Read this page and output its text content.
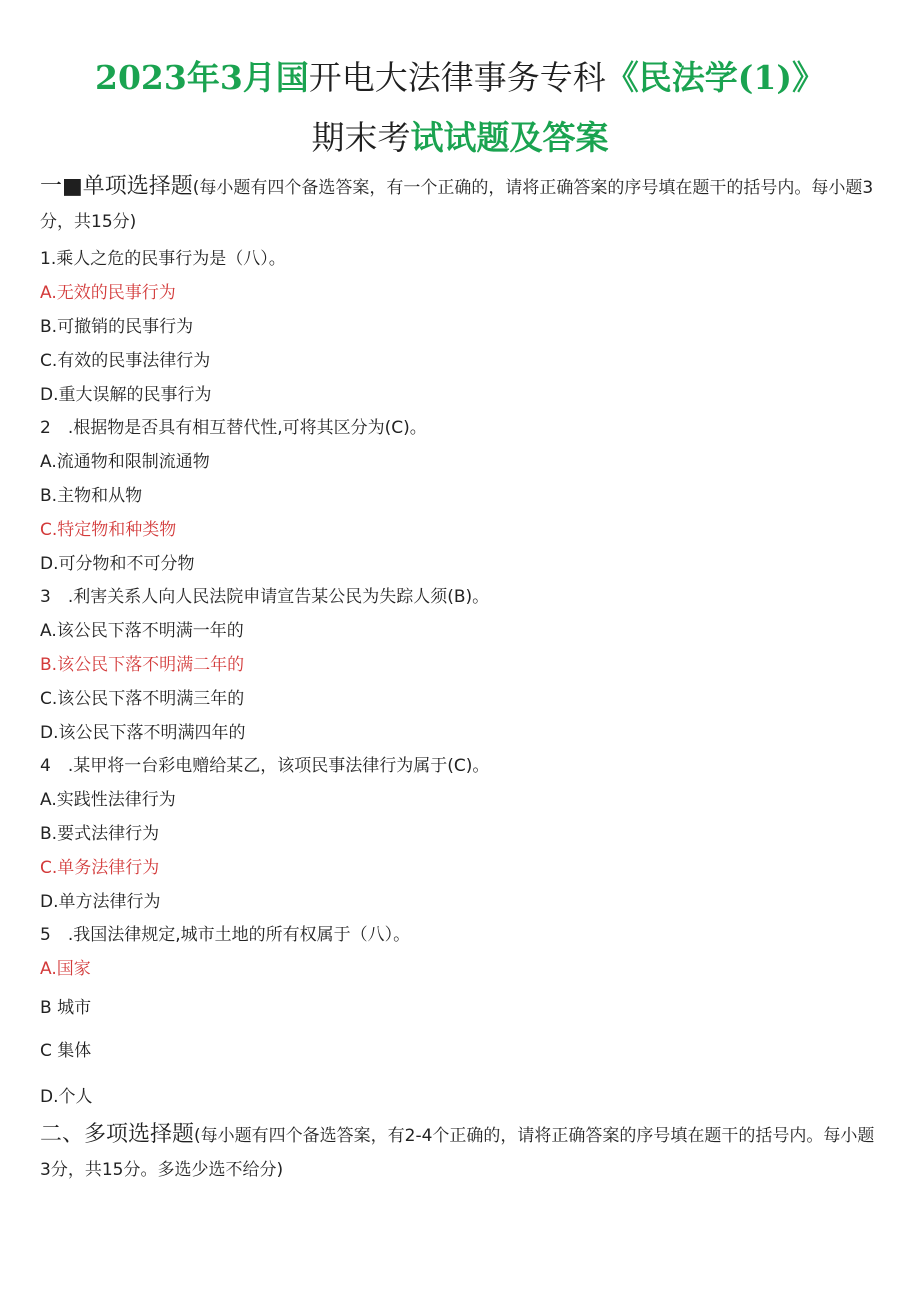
2023年3月国开电大法律事务专科《民法学(1)》
期末考试试题及答案
一■单项选择题(每小题有四个备选答案，有一个正确的，请将正确答案的序号填在题干的括号内。每小题3分，共15分)
1.乘人之危的民事行为是（八）。
A.无效的民事行为
B.可撤销的民事行为
C.有效的民事法律行为
D.重大误解的民事行为
2　.根据物是否具有相互替代性,可将其区分为(C)。
A.流通物和限制流通物
B.主物和从物
C.特定物和种类物
D.可分物和不可分物
3　.利害关系人向人民法院申请宣告某公民为失踪人须(B)。
A.该公民下落不明满一年的
B.该公民下落不明满二年的
C.该公民下落不明满三年的
D.该公民下落不明满四年的
4　.某甲将一台彩电赠给某乙，该项民事法律行为属于(C)。
A.实践性法律行为
B.要式法律行为
C.单务法律行为
D.单方法律行为
5　.我国法律规定,城市土地的所有权属于（八）。
A.国家
B 城市
C 集体
D.个人
二、多项选择题(每小题有四个备选答案，有2-4个正确的，请将正确答案的序号填在题干的括号内。每小题3分，共15分。多选少选不给分)
